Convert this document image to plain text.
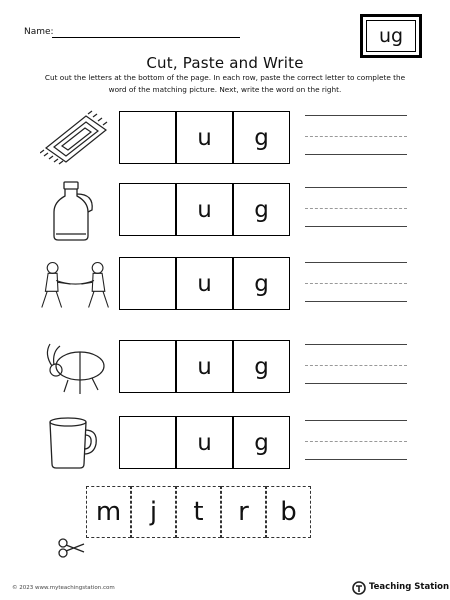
Name:	ug
Cut, Paste and Write
Cut out the letters at the bottom of the page. In each row, paste the correct letter to complete the word of the matching picture. Next, write the word on the right.
u g
u g
u g
u g
u g
m j t r b
© 2023 www.myteachingstation.com	Teaching Station
